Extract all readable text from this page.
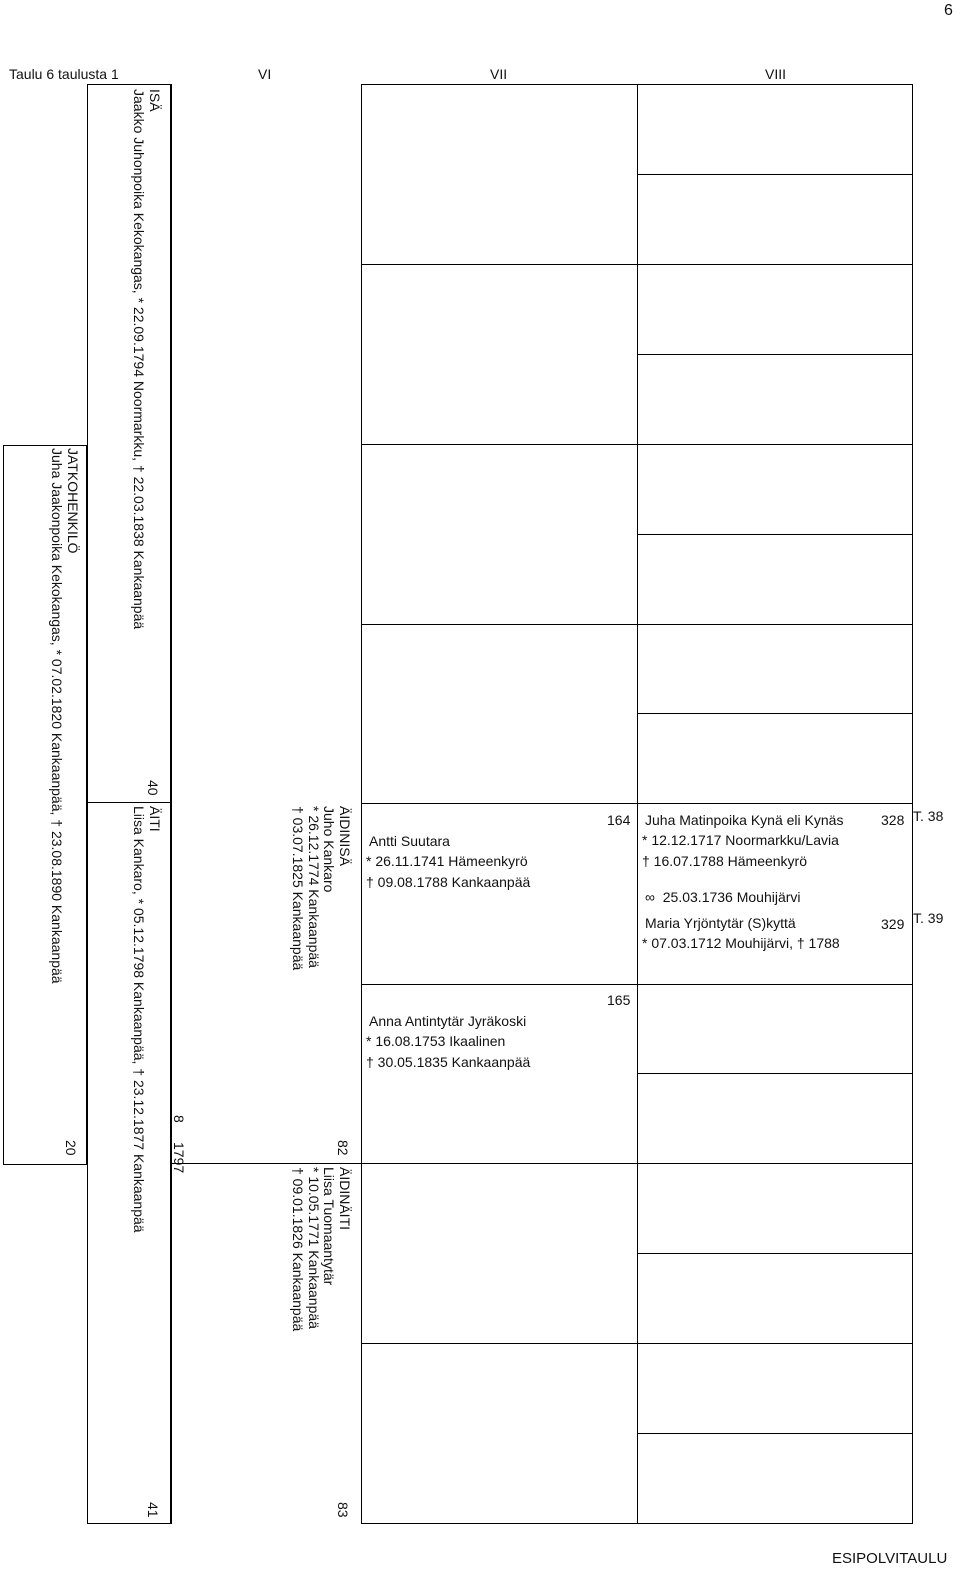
6
Taulu 6 taulusta 1	VI	VII	VIII
JATKOHENKILÖ
Juha Jaakonpoika Kekokangas, * 07.02.1820 Kankaanpää, † 23.08.1890 Kankaanpää
20
ISÄ
Jaakko Juhonpoika Kekokangas, * 22.09.1794 Noormarkku, † 22.03.1838 Kankaanpää
40
ÄITI
Liisa Kankaro, * 05.12.1798 Kankaanpää, † 23.12.1877 Kankaanpää
41
8
1797
ÄIDINISÄ
Juho Kankaro
* 26.12.1774 Kankaanpää
† 03.07.1825 Kankaanpää
82
ÄIDINÄITI
Liisa Tuomaantytär
* 10.05.1771 Kankaanpää
† 09.01.1826 Kankaanpää
83
Antti Suutara
* 26.11.1741 Hämeenkyrö
† 09.08.1788 Kankaanpää
164
Anna Antintytär Jyräkoski
* 16.08.1753 Ikaalinen
† 30.05.1835 Kankaanpää
165
Juha Matinpoika Kynä eli Kynäs
* 12.12.1717 Noormarkku/Lavia
† 16.07.1788 Hämeenkyrö
328 T. 38
∞ 25.03.1736 Mouhijärvi
Maria Yrjöntytär (S)kyttä
* 07.03.1712 Mouhijärvi, † 1788
329 T. 39
ESIPOLVITAULU
